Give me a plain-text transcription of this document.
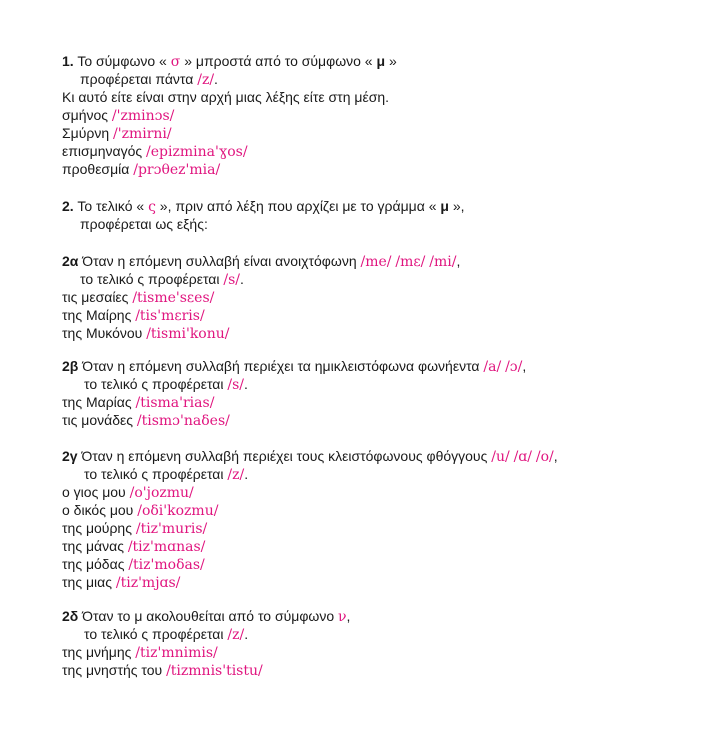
1. Το σύμφωνο « σ » μπροστά από το σύμφωνο « μ »
προφέρεται πάντα /z/.
Κι αυτό είτε είναι στην αρχή μιας λέξης είτε στη μέση.
σμήνος /'zminɔs/
Σμύρνη /'zmirni/
επισμηναγός /epizmina'ɣos/
προθεσμία /prɔθez'mia/
2. Το τελικό « ς », πριν από λέξη που αρχίζει με το γράμμα « μ »,
προφέρεται ως εξής:
2α Όταν η επόμενη συλλαβή είναι ανοιχτόφωνη /me/ /mε/ /mi/,
το τελικό ς προφέρεται /s/.
τις μεσαίες /tisme'sεes/
της Μαίρης /tis'mεris/
της Μυκόνου /tismi'konu/
2β Όταν η επόμενη συλλαβή περιέχει τα ημικλειστόφωνα φωνήεντα /a/ /ɔ/,
το τελικό ς προφέρεται /s/.
της Μαρίας /tisma'rias/
τις μονάδες /tismɔ'naδes/
2γ Όταν η επόμενη συλλαβή περιέχει τους κλειστόφωνους φθόγγους /u/ /ɑ/ /o/,
το τελικό ς προφέρεται /z/.
ο γιος μου /o'jozmu/
ο δικός μου /oδi'kozmu/
της μούρης /tiz'muris/
της μάνας /tiz'mɑnas/
της μόδας /tiz'moδas/
της μιας /tiz'mjɑs/
2δ Όταν το μ ακολουθείται από το σύμφωνο ν,
το τελικό ς προφέρεται /z/.
της μνήμης /tiz'mnimis/
της μνηστής του /tizmnis'tistu/
